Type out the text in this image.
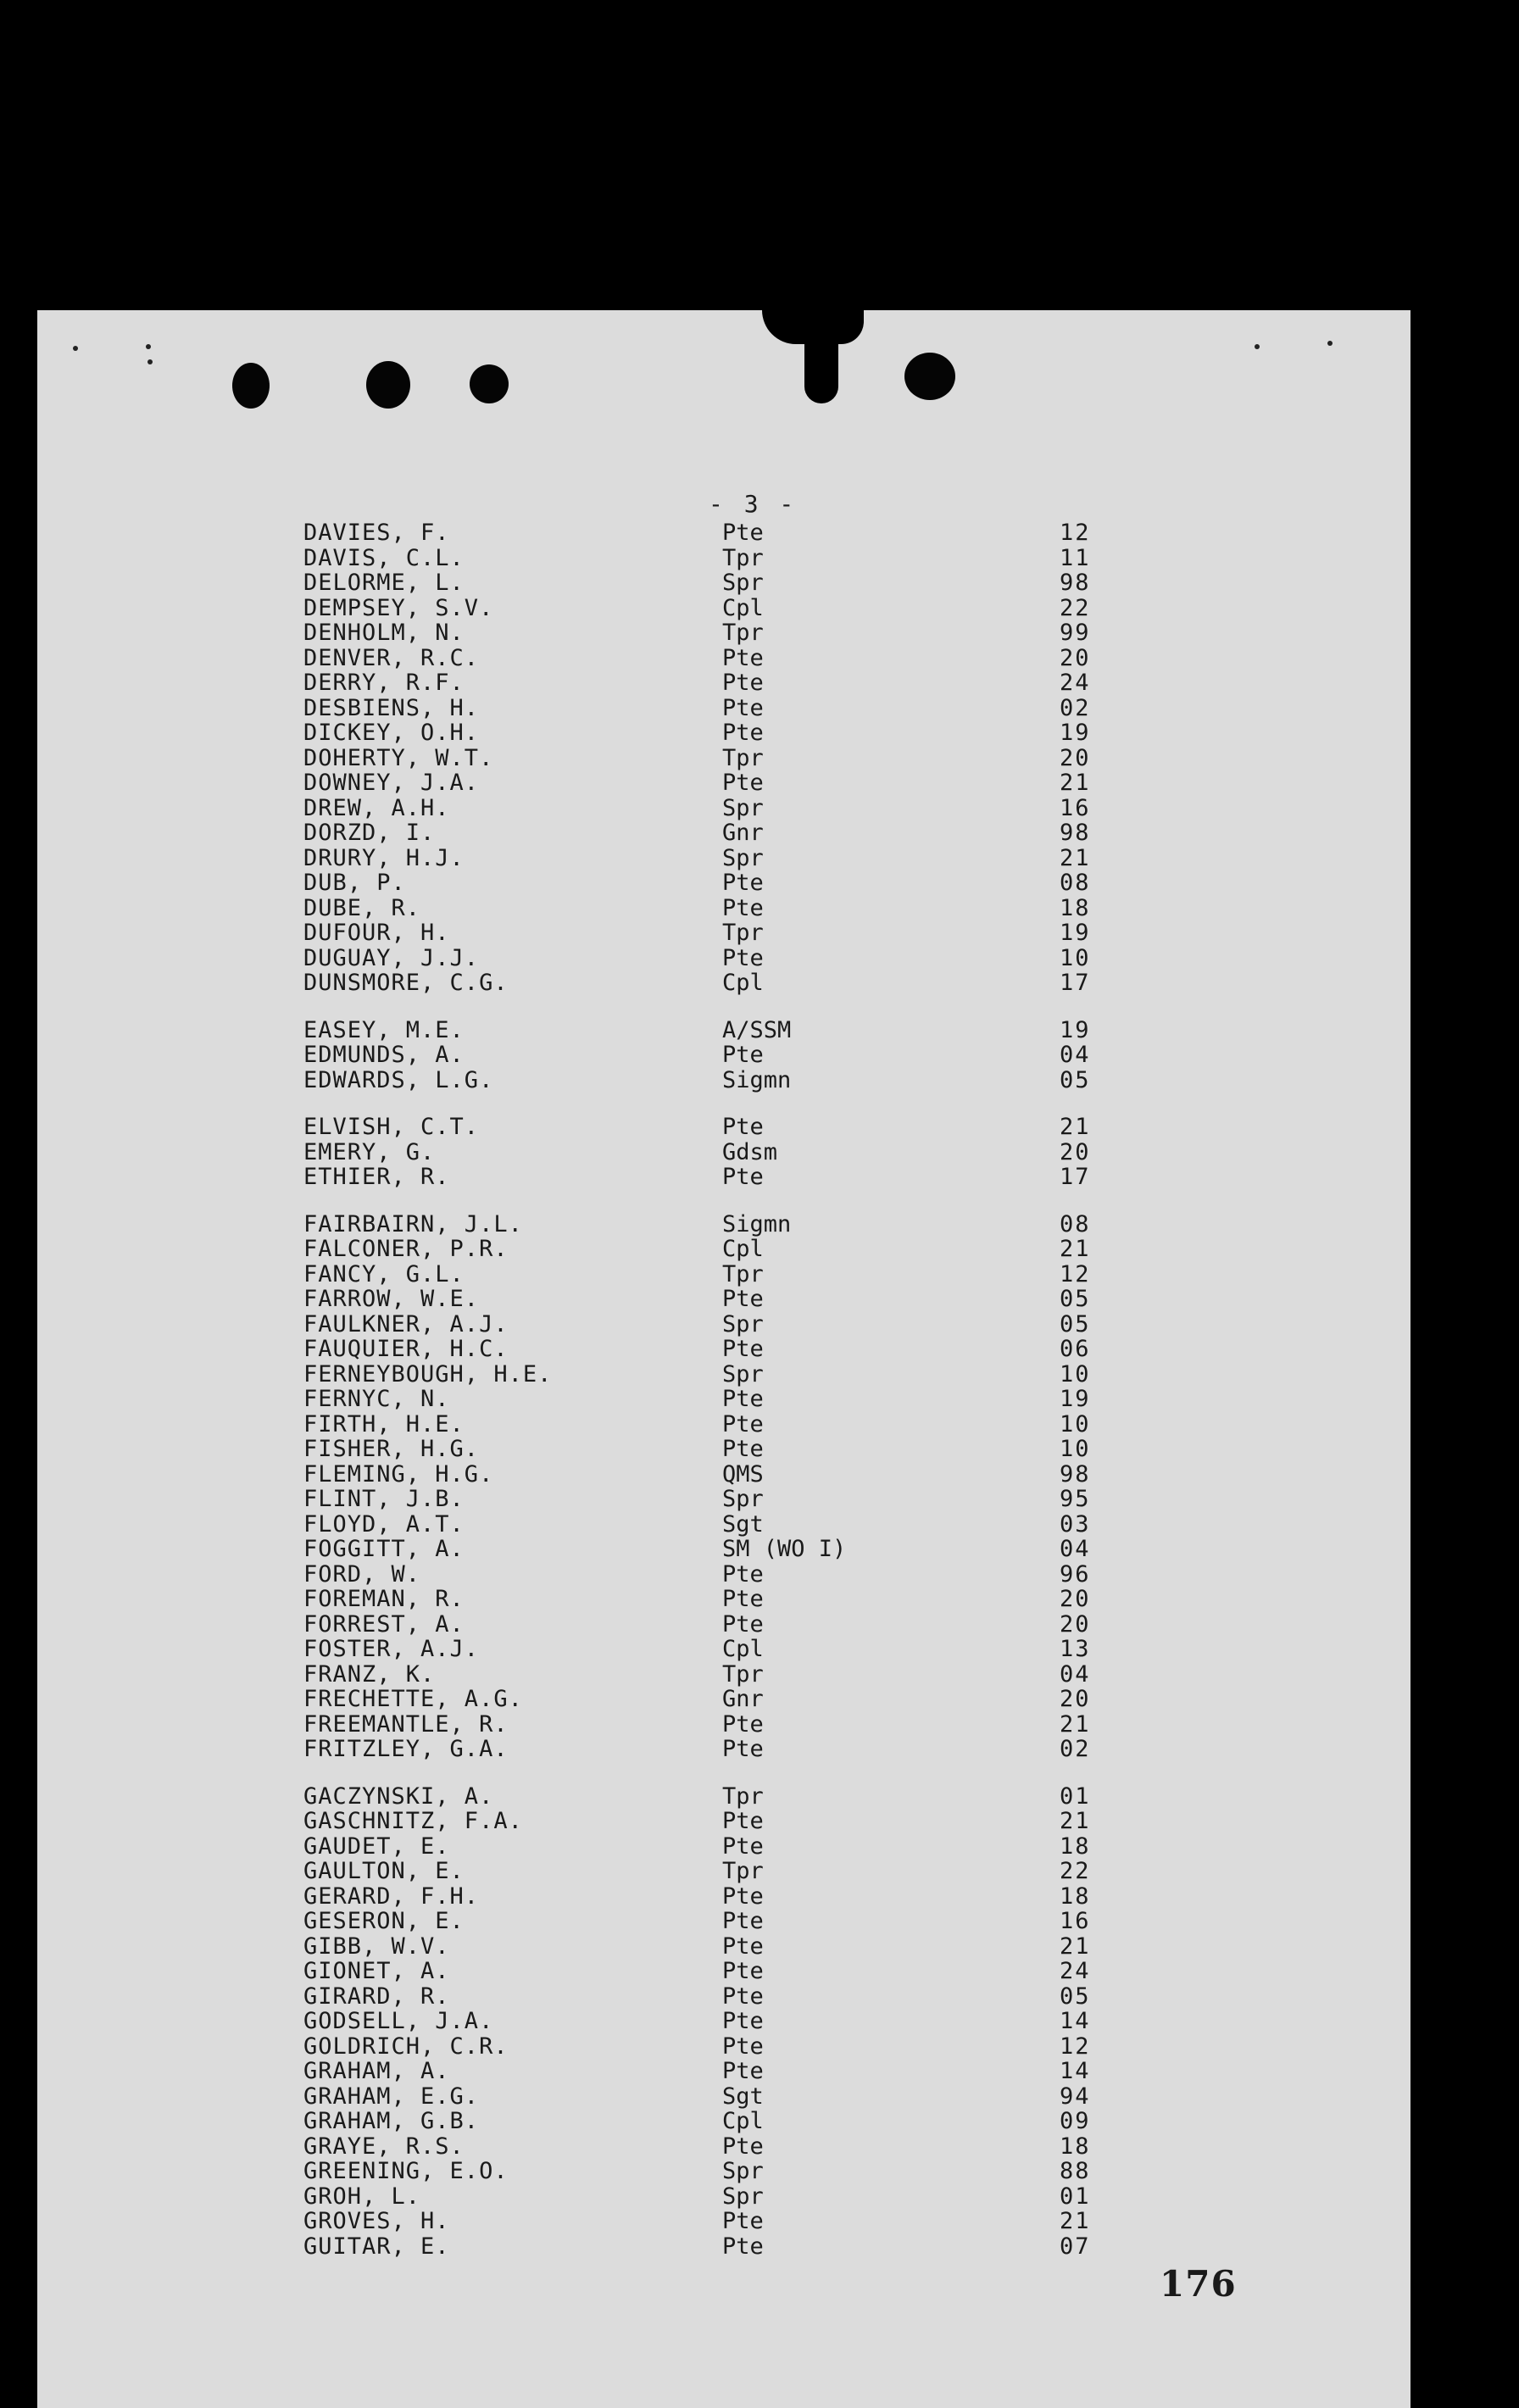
- 3 -
DAVIES, F.	Pte	12
DAVIS, C.L.	Tpr	11
DELORME, L.	Spr	98
DEMPSEY, S.V.	Cpl	22
DENHOLM, N.	Tpr	99
DENVER, R.C.	Pte	20
DERRY, R.F.	Pte	24
DESBIENS, H.	Pte	02
DICKEY, O.H.	Pte	19
DOHERTY, W.T.	Tpr	20
DOWNEY, J.A.	Pte	21
DREW, A.H.	Spr	16
DORZD, I.	Gnr	98
DRURY, H.J.	Spr	21
DUB, P.	Pte	08
DUBE, R.	Pte	18
DUFOUR, H.	Tpr	19
DUGUAY, J.J.	Pte	10
DUNSMORE, C.G.	Cpl	17
EASEY, M.E.	A/SSM	19
EDMUNDS, A.	Pte	04
EDWARDS, L.G.	Sigmn	05
ELVISH, C.T.	Pte	21
EMERY, G.	Gdsm	20
ETHIER, R.	Pte	17
FAIRBAIRN, J.L.	Sigmn	08
FALCONER, P.R.	Cpl	21
FANCY, G.L.	Tpr	12
FARROW, W.E.	Pte	05
FAULKNER, A.J.	Spr	05
FAUQUIER, H.C.	Pte	06
FERNEYBOUGH, H.E.	Spr	10
FERNYC, N.	Pte	19
FIRTH, H.E.	Pte	10
FISHER, H.G.	Pte	10
FLEMING, H.G.	QMS	98
FLINT, J.B.	Spr	95
FLOYD, A.T.	Sgt	03
FOGGITT, A.	SM (WO I)	04
FORD, W.	Pte	96
FOREMAN, R.	Pte	20
FORREST, A.	Pte	20
FOSTER, A.J.	Cpl	13
FRANZ, K.	Tpr	04
FRECHETTE, A.G.	Gnr	20
FREEMANTLE, R.	Pte	21
FRITZLEY, G.A.	Pte	02
GACZYNSKI, A.	Tpr	01
GASCHNITZ, F.A.	Pte	21
GAUDET, E.	Pte	18
GAULTON, E.	Tpr	22
GERARD, F.H.	Pte	18
GESERON, E.	Pte	16
GIBB, W.V.	Pte	21
GIONET, A.	Pte	24
GIRARD, R.	Pte	05
GODSELL, J.A.	Pte	14
GOLDRICH, C.R.	Pte	12
GRAHAM, A.	Pte	14
GRAHAM, E.G.	Sgt	94
GRAHAM, G.B.	Cpl	09
GRAYE, R.S.	Pte	18
GREENING, E.O.	Spr	88
GROH, L.	Spr	01
GROVES, H.	Pte	21
GUITAR, E.	Pte	07
176
